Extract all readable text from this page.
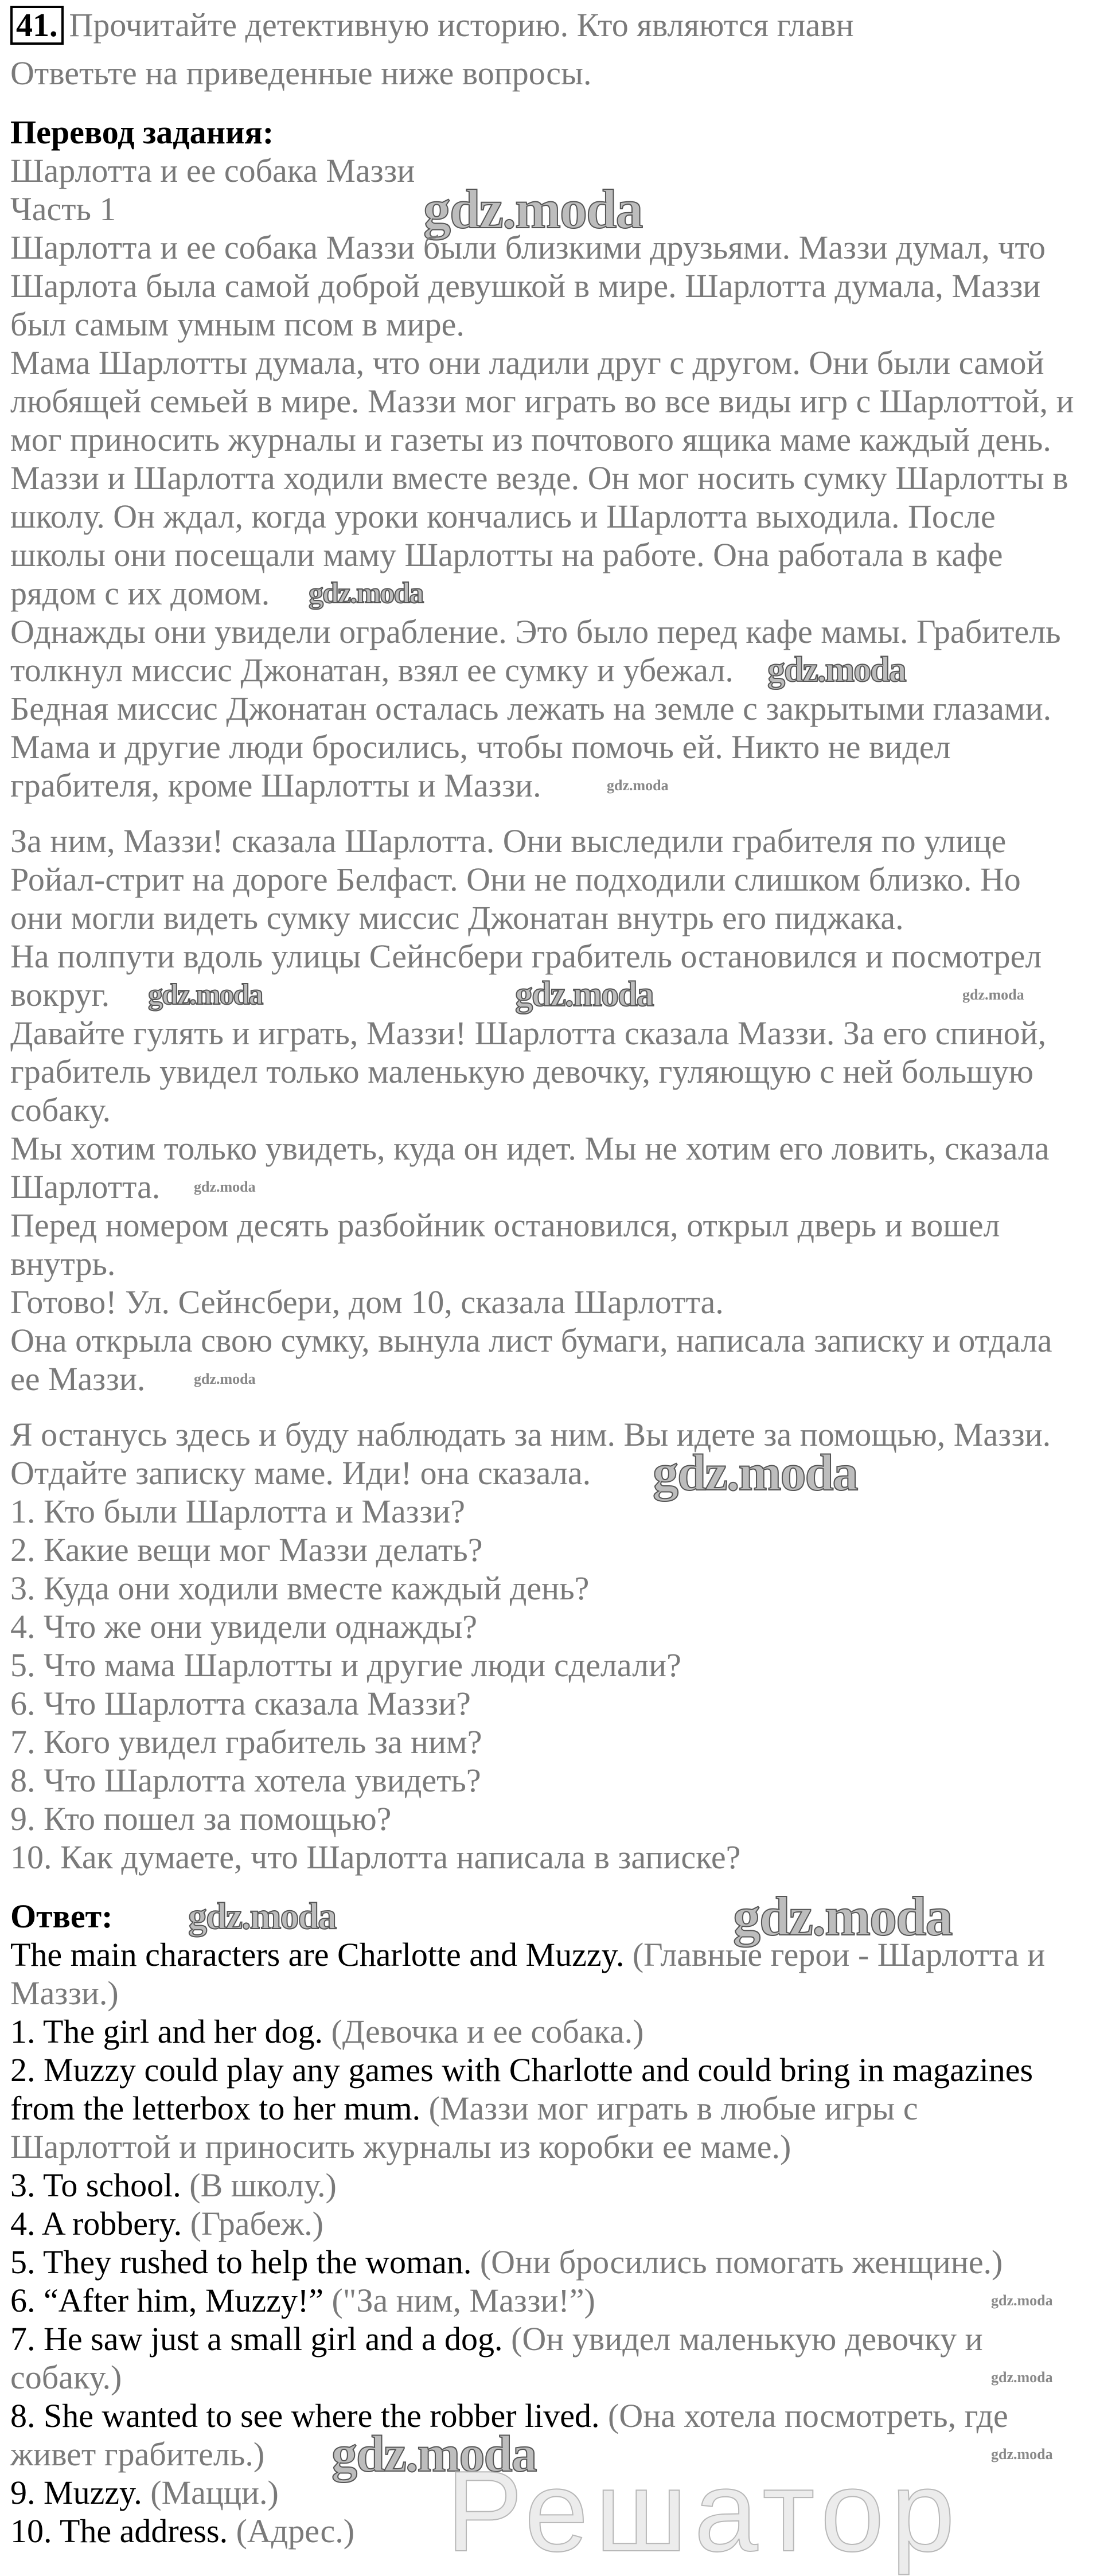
41. Прочитайте детективную историю. Кто являются главн
Ответьте на приведенные ниже вопросы.
Перевод задания:
Шарлотта и ее собака Маззи
Часть 1	gdz.moda
Шарлотта и ее собака Маззи были близкими друзьями. Маззи думал, что
Шарлота была самой доброй девушкой в мире. Шарлотта думала, Маззи
был самым умным псом в мире.
Мама Шарлотты думала, что они ладили друг с другом. Они были самой
любящей семьей в мире. Маззи мог играть во все виды игр с Шарлоттой, и
мог приносить журналы и газеты из почтового ящика маме каждый день.
Маззи и Шарлотта ходили вместе везде. Он мог носить сумку Шарлотты в
школу. Он ждал, когда уроки кончались и Шарлотта выходила. После
школы они посещали маму Шарлотты на работе. Она работала в кафе
рядом с их домом. gdz.moda
Однажды они увидели ограбление. Это было перед кафе мамы. Грабитель
толкнул миссис Джонатан, взял ее сумку и убежал. gdz.moda
Бедная миссис Джонатан осталась лежать на земле с закрытыми глазами.
Мама и другие люди бросились, чтобы помочь ей. Никто не видел
грабителя, кроме Шарлотты и Маззи.	gdz.moda
За ним, Маззи! сказала Шарлотта. Они выследили грабителя по улице
Ройал-стрит на дороге Белфаст. Они не подходили слишком близко. Но
они могли видеть сумку миссис Джонатан внутрь его пиджака.
На полпути вдоль улицы Сейнсбери грабитель остановился и посмотрел
вокруг. gdz.moda	gdz.moda	gdz.moda
Давайте гулять и играть, Маззи! Шарлотта сказала Маззи. За его спиной,
грабитель увидел только маленькую девочку, гуляющую с ней большую
собаку.
Мы хотим только увидеть, куда он идет. Мы не хотим его ловить, сказала
Шарлотта. gdz.moda
Перед номером десять разбойник остановился, открыл дверь и вошел
внутрь.
Готово! Ул. Сейнсбери, дом 10, сказала Шарлотта.
Она открыла свою сумку, вынула лист бумаги, написала записку и отдала
ее Маззи.	gdz.moda
Я останусь здесь и буду наблюдать за ним. Вы идете за помощью, Маззи.
Отдайте записку маме. Иди! она сказала. gdz.moda
1. Кто были Шарлотта и Маззи?
2. Какие вещи мог Маззи делать?
3. Куда они ходили вместе каждый день?
4. Что же они увидели однажды?
5. Что мама Шарлотты и другие люди сделали?
6. Что Шарлотта сказала Маззи?
7. Кого увидел грабитель за ним?
8. Что Шарлотта хотела увидеть?
9. Кто пошел за помощью?
10. Как думаете, что Шарлотта написала в записке?
Ответ: gdz.moda	gdz.moda
The main characters are Charlotte and Muzzy. (Главные герои - Шарлотта и
Маззи.)
1. The girl and her dog. (Девочка и ее собака.)
2. Muzzy could play any games with Charlotte and could bring in magazines
from the letterbox to her mum. (Маззи мог играть в любые игры с
Шарлоттой и приносить журналы из коробки ее маме.)
3. To school. (В школу.)
4. A robbery. (Грабеж.)
5. They rushed to help the woman. (Они бросились помогать женщине.)
6. “After him, Muzzy!” ("За ним, Маззи!”)	gdz.moda
7. He saw just a small girl and a dog. (Он увидел маленькую девочку и
собаку.)	gdz.moda
8. She wanted to see where the robber lived. (Она хотела посмотреть, где
живет грабитель.) gdz.moda	gdz.moda
9. Muzzy. (Мацци.) Решатор
10. The address. (Адрес.)
